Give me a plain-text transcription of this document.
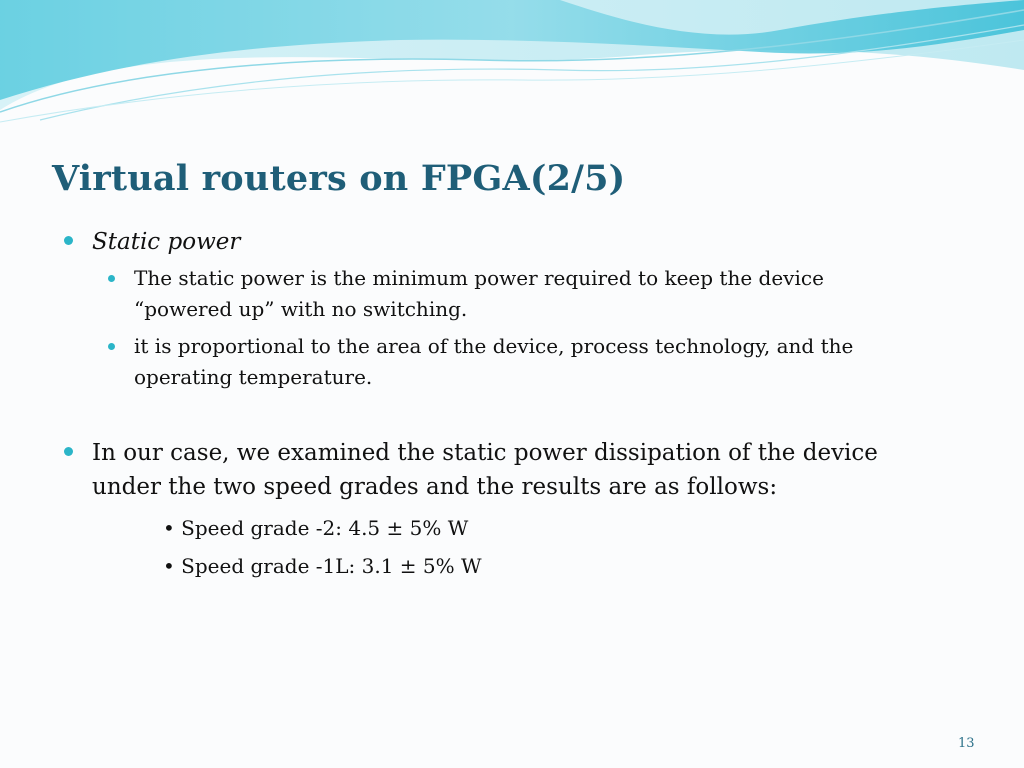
Virtual routers on FPGA(2/5)
Static power
The static power is the minimum power required to keep the device “powered up” with no switching.
it is proportional to the area of the device, process technology, and the operating temperature.
In our case, we examined the static power dissipation of the device under the two speed grades and the results are as follows:
• Speed grade -2: 4.5 ± 5% W
• Speed grade -1L: 3.1 ± 5% W
13
